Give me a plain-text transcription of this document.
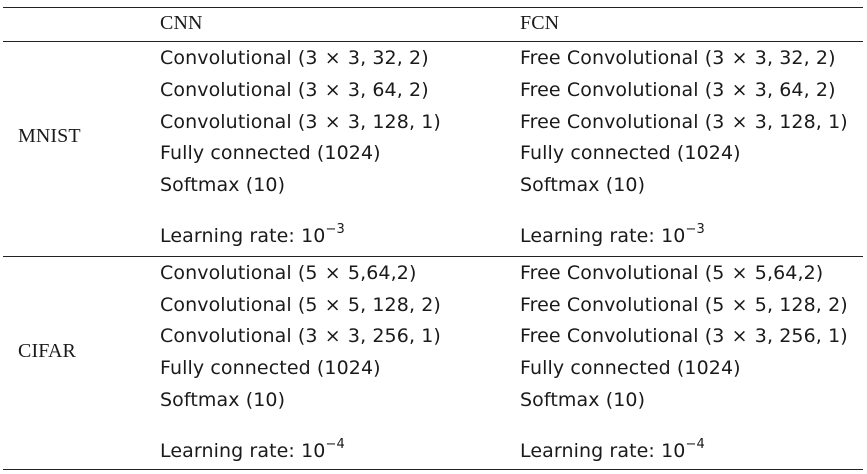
CNN	FCN
MNIST
Convolutional (3 × 3, 32, 2)
Convolutional (3 × 3, 64, 2)
Convolutional (3 × 3, 128, 1)
Fully connected (1024)
Softmax (10)
Learning rate: $10^{-3}$
Free Convolutional (3 × 3, 32, 2)
Free Convolutional (3 × 3, 64, 2)
Free Convolutional (3 × 3, 128, 1)
Fully connected (1024)
Softmax (10)
Learning rate: $10^{-3}$
CIFAR
Convolutional (5 × 5,64,2)
Convolutional (5 × 5, 128, 2)
Convolutional (3 × 3, 256, 1)
Fully connected (1024)
Softmax (10)
Learning rate: $10^{-4}$
Free Convolutional (5 × 5,64,2)
Free Convolutional (5 × 5, 128, 2)
Free Convolutional (3 × 3, 256, 1)
Fully connected (1024)
Softmax (10)
Learning rate: $10^{-4}$
